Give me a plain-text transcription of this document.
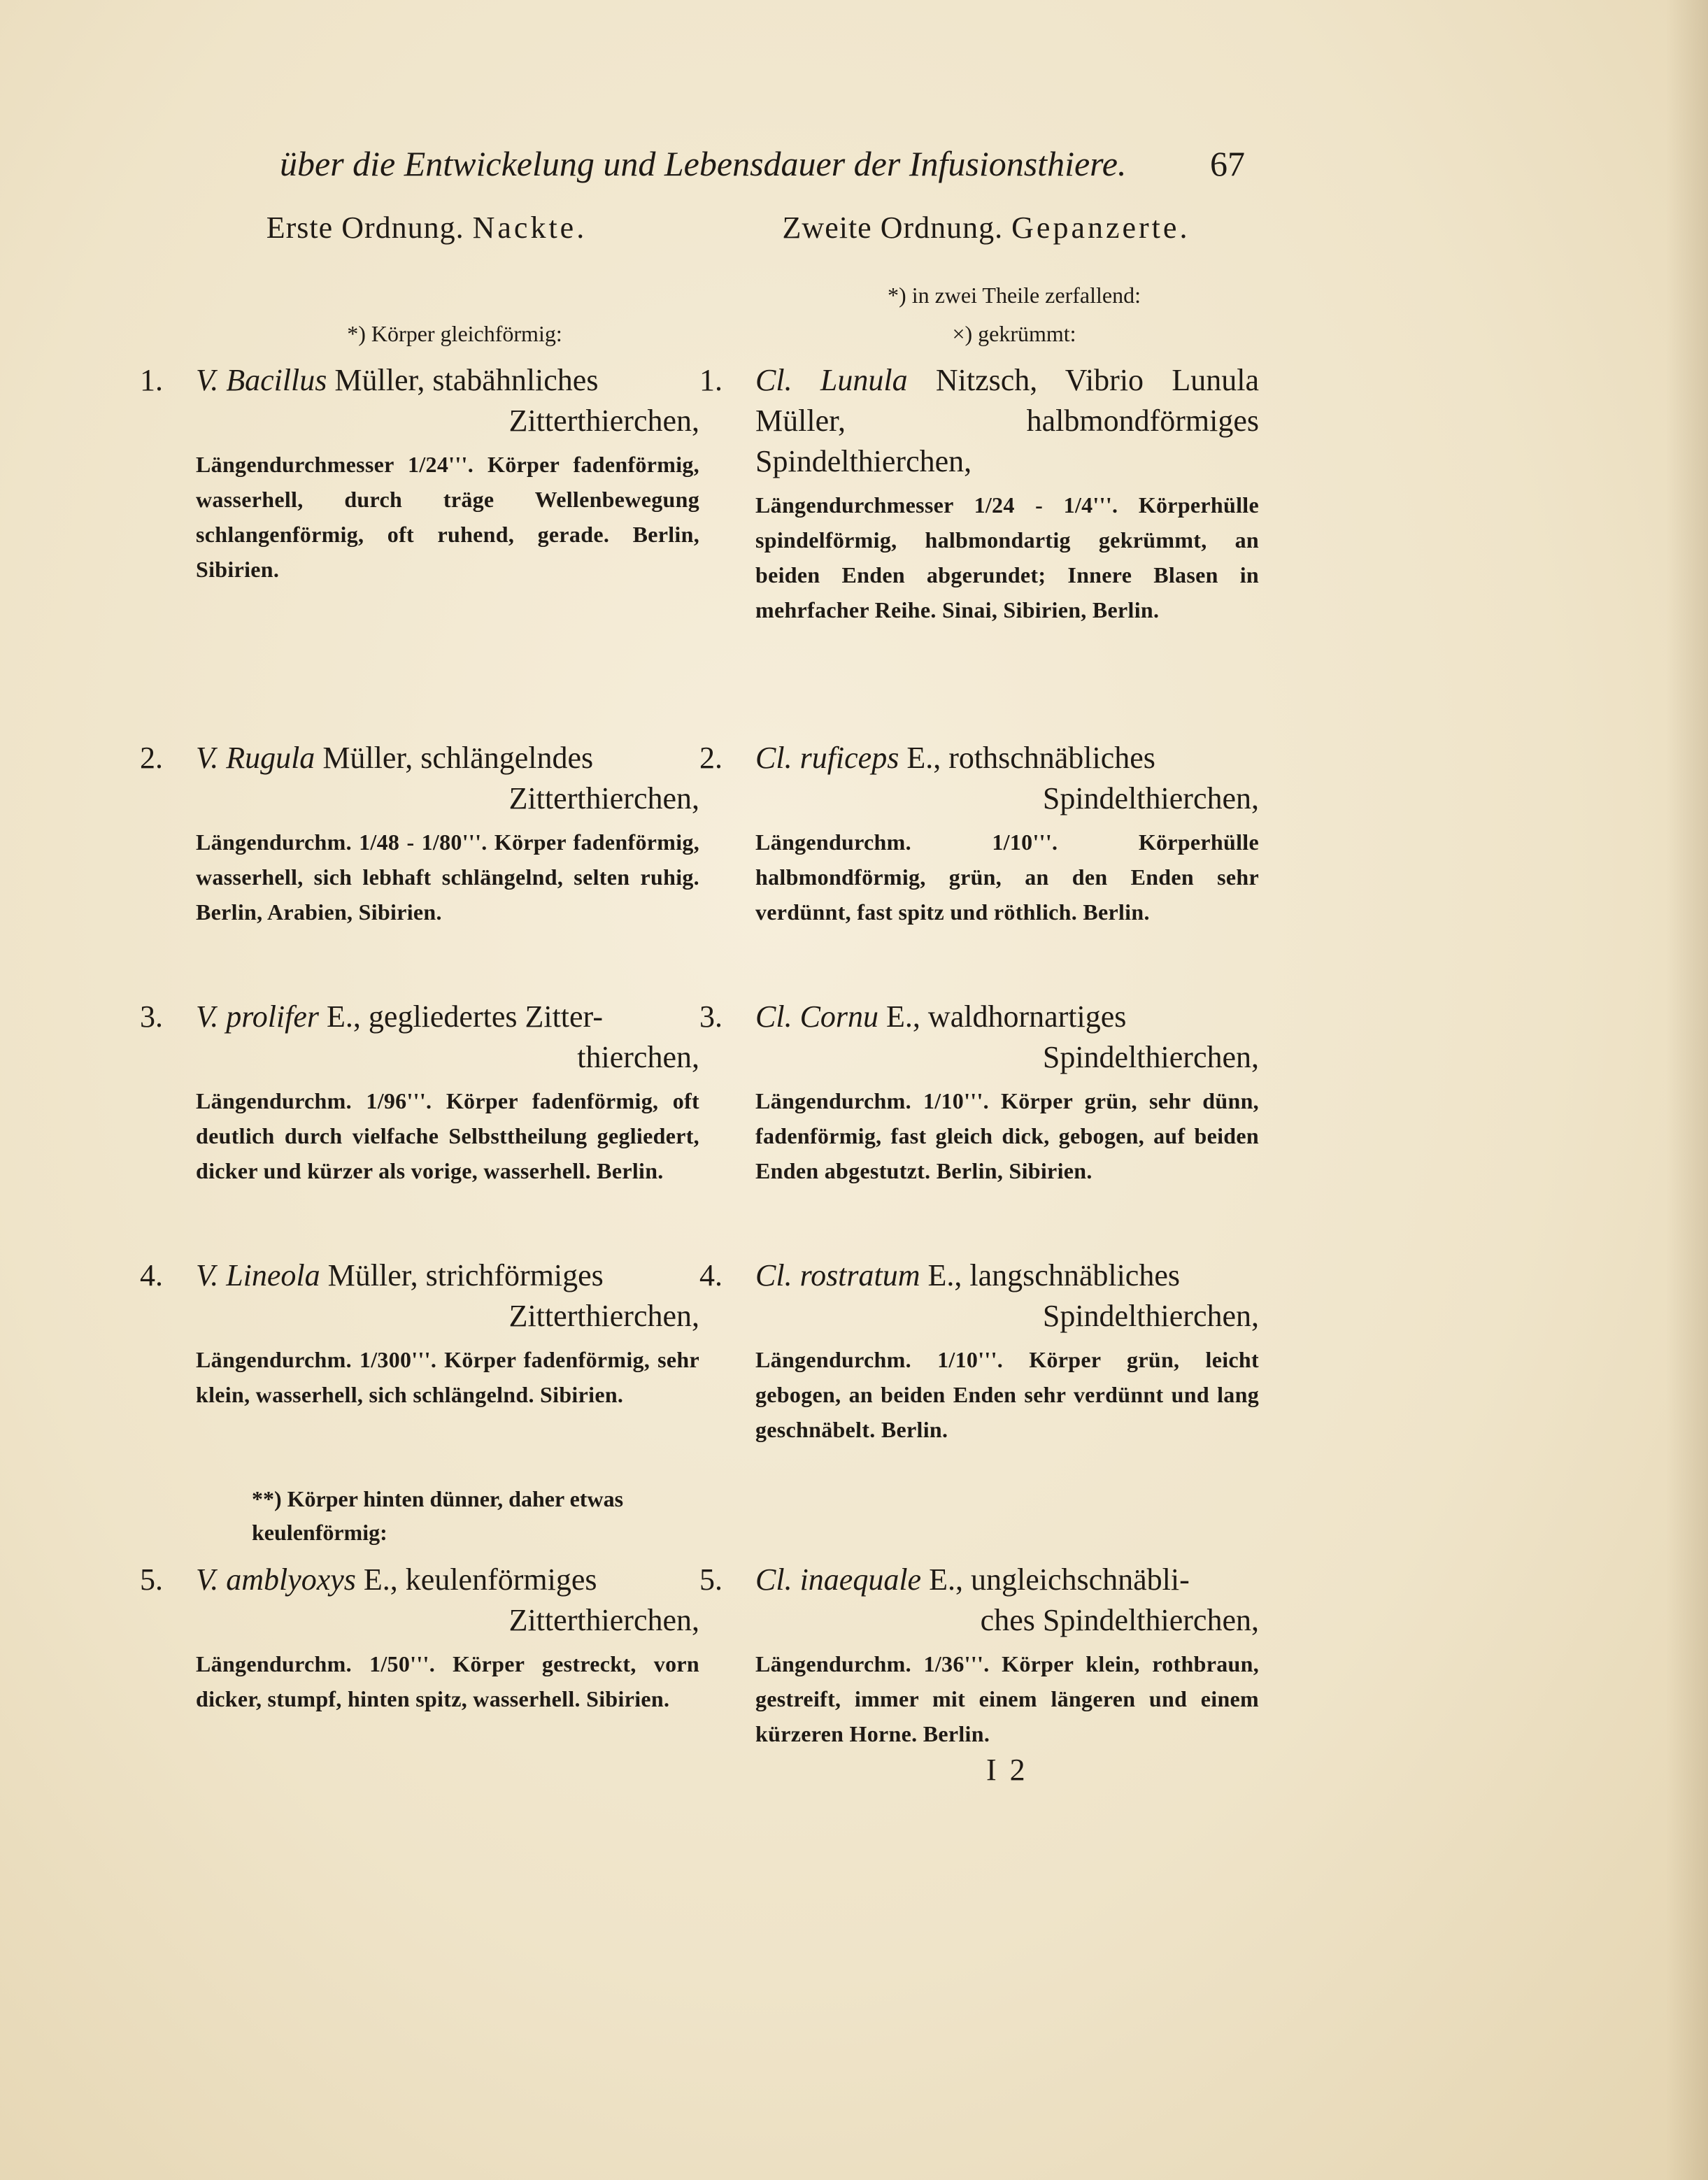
über die Entwickelung und Lebensdauer der Infusionsthiere. 67
Erste Ordnung. Nackte.
*) Körper gleichförmig:
1. V. Bacillus Müller, stabähnliches
Zitterthierchen,
Längendurchmesser 1/24'''. Körper fadenförmig, wasserhell, durch träge Wellenbewegung schlangenförmig, oft ruhend, gerade. Berlin, Sibirien.
2. V. Rugula Müller, schlängelndes
Zitterthierchen,
Längendurchm. 1/48 - 1/80'''. Körper fadenförmig, wasserhell, sich lebhaft schlängelnd, selten ruhig. Berlin, Arabien, Sibirien.
3. V. prolifer E., gegliedertes Zitter-
thierchen,
Längendurchm. 1/96'''. Körper fadenförmig, oft deutlich durch vielfache Selbsttheilung gegliedert, dicker und kürzer als vorige, wasserhell. Berlin.
4. V. Lineola Müller, strichförmiges
Zitterthierchen,
Längendurchm. 1/300'''. Körper fadenförmig, sehr klein, wasserhell, sich schlängelnd. Sibirien.
**) Körper hinten dünner, daher etwas keulenförmig:
5. V. amblyoxys E., keulenförmiges
Zitterthierchen,
Längendurchm. 1/50'''. Körper gestreckt, vorn dicker, stumpf, hinten spitz, wasserhell. Sibirien.
Zweite Ordnung. Gepanzerte.
*) in zwei Theile zerfallend:
×) gekrümmt:
1. Cl. Lunula Nitzsch, Vibrio Lunula Müller, halbmondförmiges Spindelthierchen,
Längendurchmesser 1/24 - 1/4'''. Körperhülle spindelförmig, halbmondartig gekrümmt, an beiden Enden abgerundet; Innere Blasen in mehrfacher Reihe. Sinai, Sibirien, Berlin.
2. Cl. ruficeps E., rothschnäbliches
Spindelthierchen,
Längendurchm. 1/10'''. Körperhülle halbmondförmig, grün, an den Enden sehr verdünnt, fast spitz und röthlich. Berlin.
3. Cl. Cornu E., waldhornartiges
Spindelthierchen,
Längendurchm. 1/10'''. Körper grün, sehr dünn, fadenförmig, fast gleich dick, gebogen, auf beiden Enden abgestutzt. Berlin, Sibirien.
4. Cl. rostratum E., langschnäbliches
Spindelthierchen,
Längendurchm. 1/10'''. Körper grün, leicht gebogen, an beiden Enden sehr verdünnt und lang geschnäbelt. Berlin.
5. Cl. inaequale E., ungleichschnäbli-
ches Spindelthierchen,
Längendurchm. 1/36'''. Körper klein, rothbraun, gestreift, immer mit einem längeren und einem kürzeren Horne. Berlin.
I 2
